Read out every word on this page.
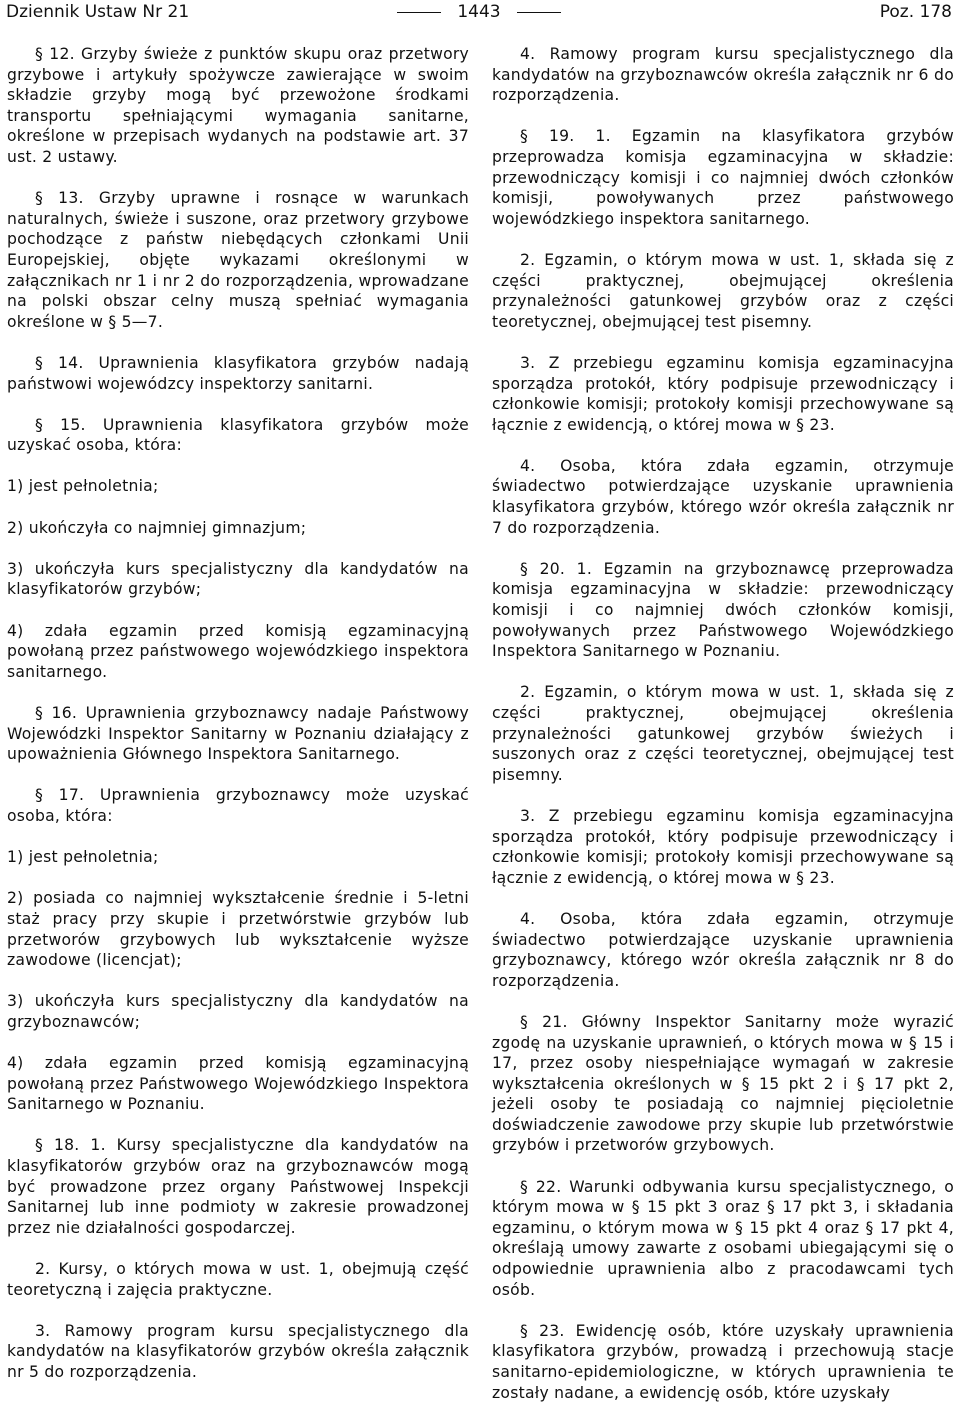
Dziennik Ustaw Nr 21	1443	Poz. 178

§ 12. Grzyby świeże z punktów skupu oraz przetwory grzybowe i artykuły spożywcze zawierające w swoim składzie grzyby mogą być przewożone środkami transportu spełniającymi wymagania sanitarne, określone w przepisach wydanych na podstawie art. 37 ust. 2 ustawy.

§ 13. Grzyby uprawne i rosnące w warunkach naturalnych, świeże i suszone, oraz przetwory grzybowe pochodzące z państw niebędących członkami Unii Europejskiej, objęte wykazami określonymi w załącznikach nr 1 i nr 2 do rozporządzenia, wprowadzane na polski obszar celny muszą spełniać wymagania określone w § 5—7.

§ 14. Uprawnienia klasyfikatora grzybów nadają państwowi wojewódzcy inspektorzy sanitarni.

§ 15. Uprawnienia klasyfikatora grzybów może uzyskać osoba, która:

1) jest pełnoletnia;

2) ukończyła co najmniej gimnazjum;

3) ukończyła kurs specjalistyczny dla kandydatów na klasyfikatorów grzybów;

4) zdała egzamin przed komisją egzaminacyjną powołaną przez państwowego wojewódzkiego inspektora sanitarnego.

§ 16. Uprawnienia grzyboznawcy nadaje Państwowy Wojewódzki Inspektor Sanitarny w Poznaniu działający z upoważnienia Głównego Inspektora Sanitarnego.

§ 17. Uprawnienia grzyboznawcy może uzyskać osoba, która:

1) jest pełnoletnia;

2) posiada co najmniej wykształcenie średnie i 5-letni staż pracy przy skupie i przetwórstwie grzybów lub przetworów grzybowych lub wykształcenie wyższe zawodowe (licencjat);

3) ukończyła kurs specjalistyczny dla kandydatów na grzyboznawców;

4) zdała egzamin przed komisją egzaminacyjną powołaną przez Państwowego Wojewódzkiego Inspektora Sanitarnego w Poznaniu.

§ 18. 1. Kursy specjalistyczne dla kandydatów na klasyfikatorów grzybów oraz na grzyboznawców mogą być prowadzone przez organy Państwowej Inspekcji Sanitarnej lub inne podmioty w zakresie prowadzonej przez nie działalności gospodarczej.

2. Kursy, o których mowa w ust. 1, obejmują część teoretyczną i zajęcia praktyczne.

3. Ramowy program kursu specjalistycznego dla kandydatów na klasyfikatorów grzybów określa załącznik nr 5 do rozporządzenia.

4. Ramowy program kursu specjalistycznego dla kandydatów na grzyboznawców określa załącznik nr 6 do rozporządzenia.

§ 19. 1. Egzamin na klasyfikatora grzybów przeprowadza komisja egzaminacyjna w składzie: przewodniczący komisji i co najmniej dwóch członków komisji, powoływanych przez państwowego wojewódzkiego inspektora sanitarnego.

2. Egzamin, o którym mowa w ust. 1, składa się z części praktycznej, obejmującej określenia przynależności gatunkowej grzybów oraz z części teoretycznej, obejmującej test pisemny.

3. Z przebiegu egzaminu komisja egzaminacyjna sporządza protokół, który podpisuje przewodniczący i członkowie komisji; protokoły komisji przechowywane są łącznie z ewidencją, o której mowa w § 23.

4. Osoba, która zdała egzamin, otrzymuje świadectwo potwierdzające uzyskanie uprawnienia klasyfikatora grzybów, którego wzór określa załącznik nr 7 do rozporządzenia.

§ 20. 1. Egzamin na grzyboznawcę przeprowadza komisja egzaminacyjna w składzie: przewodniczący komisji i co najmniej dwóch członków komisji, powoływanych przez Państwowego Wojewódzkiego Inspektora Sanitarnego w Poznaniu.

2. Egzamin, o którym mowa w ust. 1, składa się z części praktycznej, obejmującej określenia przynależności gatunkowej grzybów świeżych i suszonych oraz z części teoretycznej, obejmującej test pisemny.

3. Z przebiegu egzaminu komisja egzaminacyjna sporządza protokół, który podpisuje przewodniczący i członkowie komisji; protokoły komisji przechowywane są łącznie z ewidencją, o której mowa w § 23.

4. Osoba, która zdała egzamin, otrzymuje świadectwo potwierdzające uzyskanie uprawnienia grzyboznawcy, którego wzór określa załącznik nr 8 do rozporządzenia.

§ 21. Główny Inspektor Sanitarny może wyrazić zgodę na uzyskanie uprawnień, o których mowa w § 15 i 17, przez osoby niespełniające wymagań w zakresie wykształcenia określonych w § 15 pkt 2 i § 17 pkt 2, jeżeli osoby te posiadają co najmniej pięcioletnie doświadczenie zawodowe przy skupie lub przetwórstwie grzybów i przetworów grzybowych.

§ 22. Warunki odbywania kursu specjalistycznego, o którym mowa w § 15 pkt 3 oraz § 17 pkt 3, i składania egzaminu, o którym mowa w § 15 pkt 4 oraz § 17 pkt 4, określają umowy zawarte z osobami ubiegającymi się o odpowiednie uprawnienia albo z pracodawcami tych osób.

§ 23. Ewidencję osób, które uzyskały uprawnienia klasyfikatora grzybów, prowadzą i przechowują stacje sanitarno-epidemiologiczne, w których uprawnienia te zostały nadane, a ewidencję osób, które uzyskały
